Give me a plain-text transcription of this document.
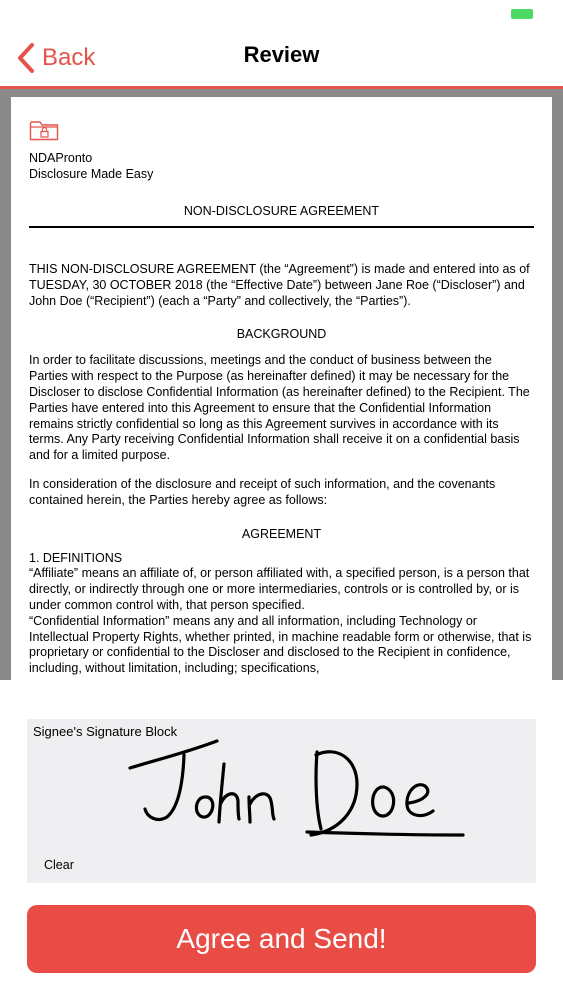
Back	Review
NDAPronto
Disclosure Made Easy
NON-DISCLOSURE AGREEMENT

THIS NON-DISCLOSURE AGREEMENT (the “Agreement”) is made and entered into as of TUESDAY, 30 OCTOBER 2018 (the “Effective Date”) between Jane Roe (“Discloser”) and John Doe (“Recipient”) (each a “Party” and collectively, the “Parties”).

BACKGROUND

In order to facilitate discussions, meetings and the conduct of business between the Parties with respect to the Purpose (as hereinafter defined) it may be necessary for the Discloser to disclose Confidential Information (as hereinafter defined) to the Recipient. The Parties have entered into this Agreement to ensure that the Confidential Information remains strictly confidential so long as this Agreement survives in accordance with its terms. Any Party receiving Confidential Information shall receive it on a confidential basis and for a limited purpose.

In consideration of the disclosure and receipt of such information, and the covenants contained herein, the Parties hereby agree as follows:

AGREEMENT

1. DEFINITIONS

“Affiliate” means an affiliate of, or person affiliated with, a specified person, is a person that directly, or indirectly through one or more intermediaries, controls or is controlled by, or is under common control with, that person specified.

“Confidential Information” means any and all information, including Technology or Intellectual Property Rights, whether printed, in machine readable form or otherwise, that is proprietary or confidential to the Discloser and disclosed to the Recipient in confidence, including, without limitation, including; specifications,

Signee's Signature Block
Clear
Agree and Send!
